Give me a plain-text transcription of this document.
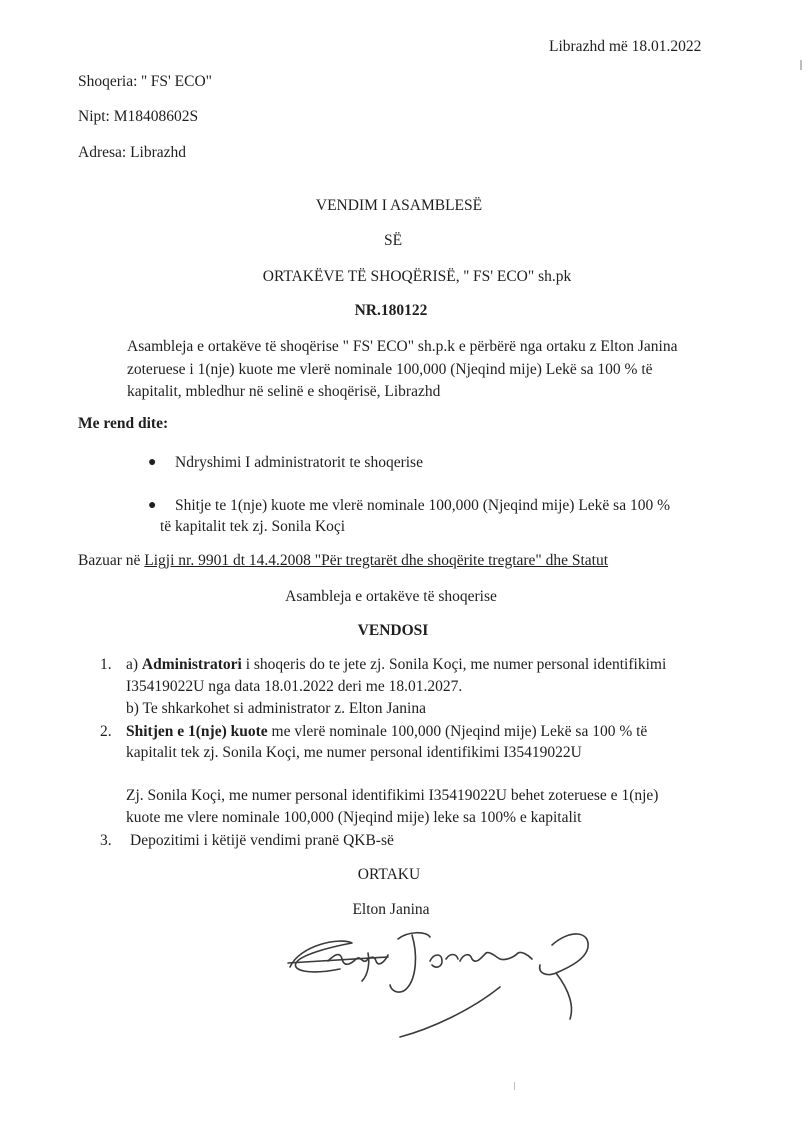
Librazhd më 18.01.2022
Shoqeria: '' FS' ECO"
Nipt: M18408602S
Adresa: Librazhd
VENDIM I ASAMBLESË
SË
ORTAKËVE TË SHOQËRISË, '' FS' ECO" sh.pk
NR.180122
Asambleja e ortakëve të shoqërise " FS' ECO" sh.p.k e përbërë nga ortaku z Elton Janina
zoteruese i 1(nje) kuote me vlerë nominale 100,000 (Njeqind mije) Lekë sa 100 % të
kapitalit, mbledhur në selinë e shoqërisë, Librazhd
Me rend dite:
● Ndryshimi I administratorit te shoqerise
● Shitje te 1(nje) kuote me vlerë nominale 100,000 (Njeqind mije) Lekë sa 100 %
të kapitalit tek zj. Sonila Koçi
Bazuar në Ligji nr. 9901 dt 14.4.2008 "Për tregtarët dhe shoqërite tregtare" dhe Statut
Asambleja e ortakëve të shoqerise
VENDOSI
1. a) Administratori i shoqeris do te jete zj. Sonila Koçi, me numer personal identifikimi
I35419022U nga data 18.01.2022 deri me 18.01.2027.
b) Te shkarkohet si administrator z. Elton Janina
2. Shitjen e 1(nje) kuote me vlerë nominale 100,000 (Njeqind mije) Lekë sa 100 % të
kapitalit tek zj. Sonila Koçi, me numer personal identifikimi I35419022U
Zj. Sonila Koçi, me numer personal identifikimi I35419022U behet zoteruese e 1(nje)
kuote me vlere nominale 100,000 (Njeqind mije) leke sa 100% e kapitalit
3. Depozitimi i këtijë vendimi pranë QKB-së
ORTAKU
Elton Janina
